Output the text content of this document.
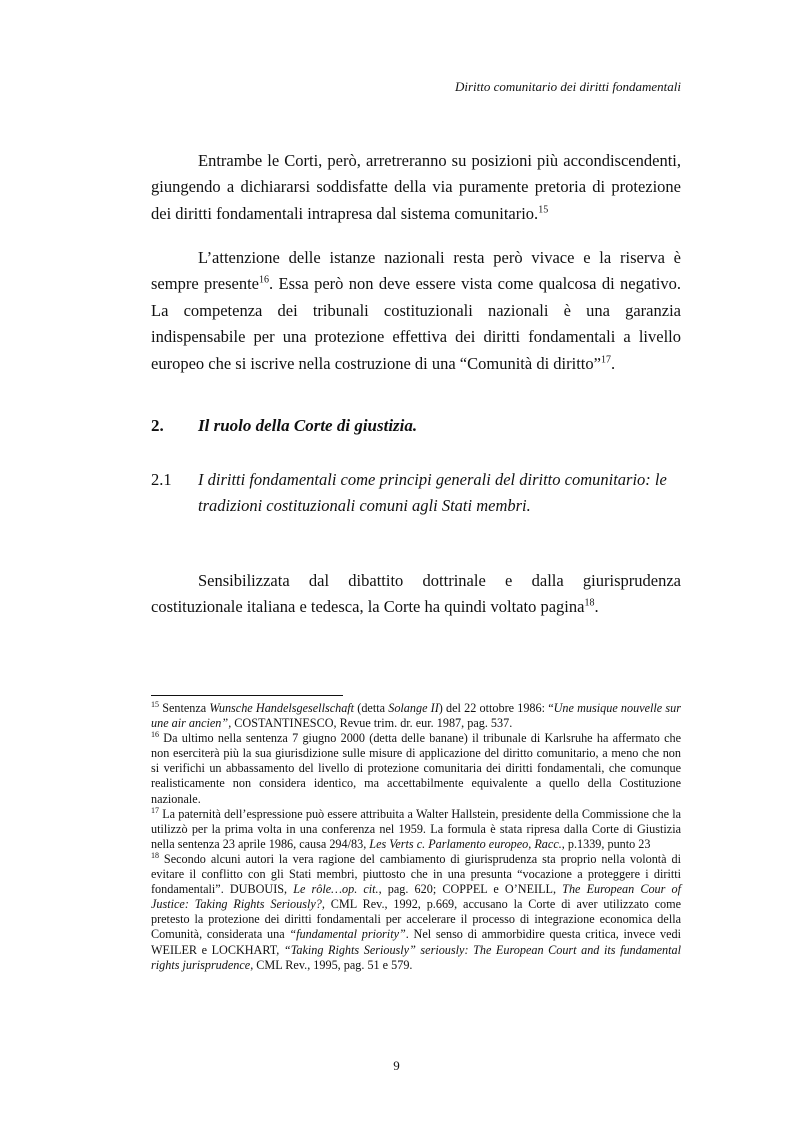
Diritto comunitario dei diritti fondamentali

Entrambe le Corti, però, arretreranno su posizioni più accondiscendenti, giungendo a dichiararsi soddisfatte della via puramente pretoria di protezione dei diritti fondamentali intrapresa dal sistema comunitario.$^{15}$

L’attenzione delle istanze nazionali resta però vivace e la riserva è sempre presente$^{16}$. Essa però non deve essere vista come qualcosa di negativo. La competenza dei tribunali costituzionali nazionali è una garanzia indispensabile per una protezione effettiva dei diritti fondamentali a livello europeo che si iscrive nella costruzione di una “Comunità di diritto”$^{17}$.

2. Il ruolo della Corte di giustizia.
2.1 I diritti fondamentali come principi generali del diritto comunitario: le tradizioni costituzionali comuni agli Stati membri.

Sensibilizzata dal dibattito dottrinale e dalla giurisprudenza costituzionale italiana e tedesca, la Corte ha quindi voltato pagina$^{18}$.

$^{15}$ Sentenza Wunsche Handelsgesellschaft (detta Solange II) del 22 ottobre 1986: “Une musique nouvelle sur une air ancien”, COSTANTINESCO, Revue trim. dr. eur. 1987, pag. 537.

$^{16}$ Da ultimo nella sentenza 7 giugno 2000 (detta delle banane) il tribunale di Karlsruhe ha affermato che non eserciterà più la sua giurisdizione sulle misure di applicazione del diritto comunitario, a meno che non si verifichi un abbassamento del livello di protezione comunitaria dei diritti fondamentali, che comunque realisticamente non considera identico, ma accettabilmente equivalente a quello della Costituzione nazionale.

$^{17}$ La paternità dell’espressione può essere attribuita a Walter Hallstein, presidente della Commissione che la utilizzò per la prima volta in una conferenza nel 1959. La formula è stata ripresa dalla Corte di Giustizia nella sentenza 23 aprile 1986, causa 294/83, Les Verts c. Parlamento europeo, Racc., p.1339, punto 23

$^{18}$ Secondo alcuni autori la vera ragione del cambiamento di giurisprudenza sta proprio nella volontà di evitare il conflitto con gli Stati membri, piuttosto che in una presunta “vocazione a proteggere i diritti fondamentali”. DUBOUIS, Le rôle…op. cit., pag. 620; COPPEL e O’NEILL, The European Cour of Justice: Taking Rights Seriously?, CML Rev., 1992, p.669, accusano la Corte di aver utilizzato come pretesto la protezione dei diritti fondamentali per accelerare il processo di integrazione economica della Comunità, considerata una “fundamental priority”. Nel senso di ammorbidire questa critica, invece vedi WEILER e LOCKHART, “Taking Rights Seriously” seriously: The European Court and its fundamental rights jurisprudence, CML Rev., 1995, pag. 51 e 579.

9
